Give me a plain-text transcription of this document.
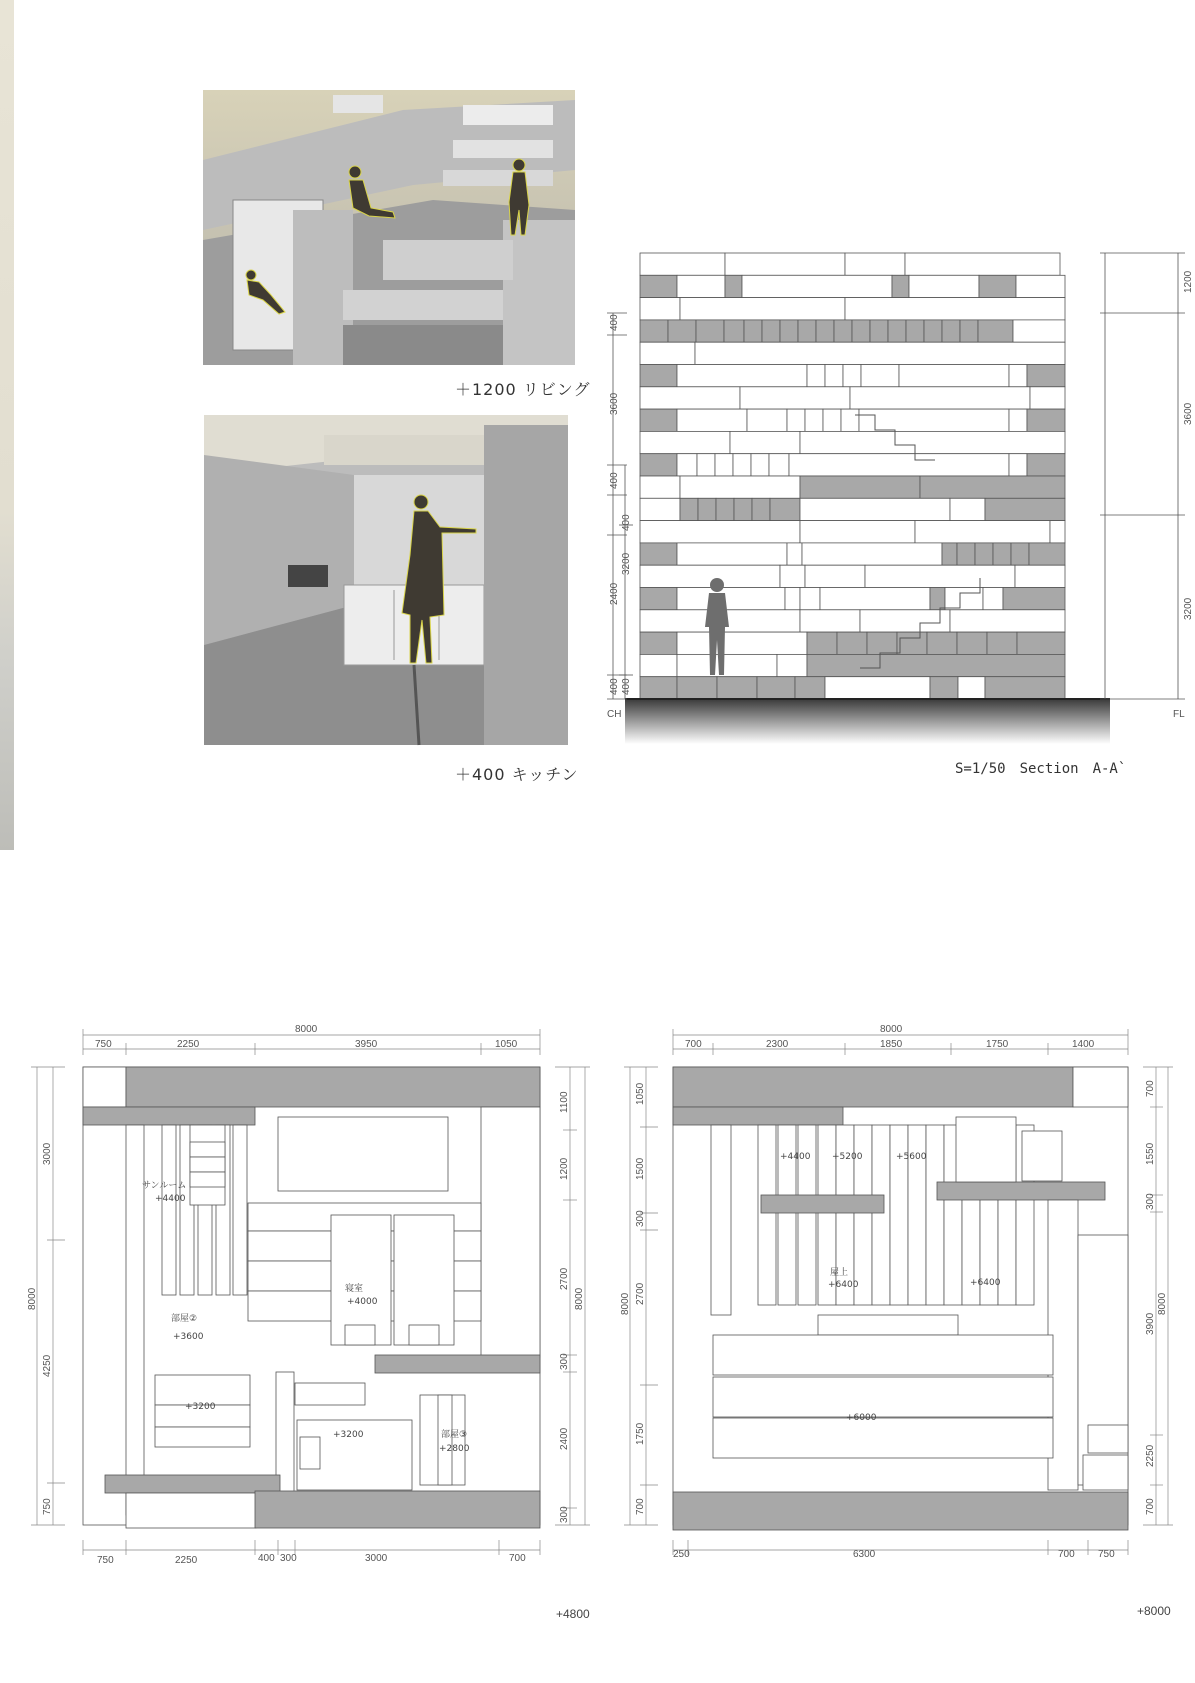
＋1200 リビング
＋400 キッチン
400
3600
400
2400
400
400
3200
400
1200
3600
3200
CH	FL
S=1/50　Section　A-A`
8000
750	2250	3950	1050
750	2250	400 300	3000	700
8000
3000
4250
750
8000
1100
1200
2700
300
2400
300
サンルーム
+4400
寝室
+4000
部屋②
+3600
+3200
+3200	部屋③
+2800
+4800
8000
700	2300	1850	1750	1400
250	6300	700 750
8000
1050
1500
300
2700
1750
700
8000
700
1550
300
3900
2250
700
+4400 +5200	+5600
屋上
+6400	+6400
+6000
+8000
